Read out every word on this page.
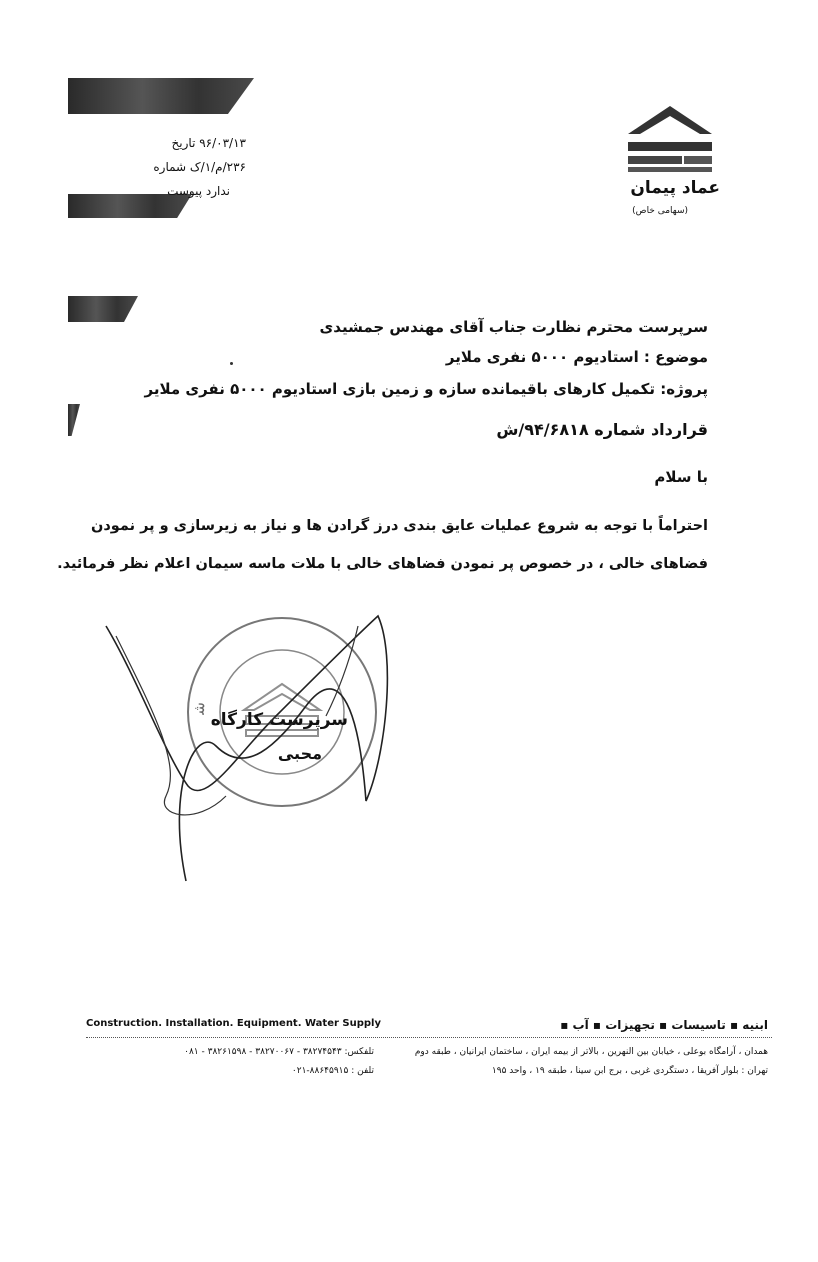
۹۶/۰۳/۱۳ تاریخ
۲۳۶/م/۱/ک شماره
ندارد پیوست	عماد پیمان
(سهامی خاص)
سرپرست محترم نظارت جناب آقای مهندس جمشیدی
موضوع : استادیوم ۵۰۰۰ نفری ملایر
پروژه: تکمیل کارهای باقیمانده سازه و زمین بازی استادیوم ۵۰۰۰ نفری ملایر
قرارداد شماره ۹۴/۶۸۱۸/ش
با سلام
احتراماً با توجه به شروع عملیات عایق بندی درز گرادن ها و نیاز به زیرسازی و پر نمودن
فضاهای خالی ، در خصوص پر نمودن فضاهای خالی با ملات ماسه سیمان اعلام نظر فرمائید.
ش
سرپرست کارگاه
محبی
Construction. Installation. Equipment. Water Supply	ابنیه ▪ تاسیسات ▪ تجهیزات ▪ آب ▪
همدان ، آرامگاه بوعلی ، خیابان بین النهرین ، بالاتر از بیمه ایران ، ساختمان ایرانیان ، طبقه دوم
تلفکس: ۳۸۲۷۴۵۴۳ - ۳۸۲۷۰۰۶۷ - ۳۸۲۶۱۵۹۸ - ۰۸۱
تهران : بلوار آفریقا ، دستگردی غربی ، برج ابن سینا ، طبقه ۱۹ ، واحد ۱۹۵
تلفن : ۸۸۶۴۵۹۱۵-۰۲۱
